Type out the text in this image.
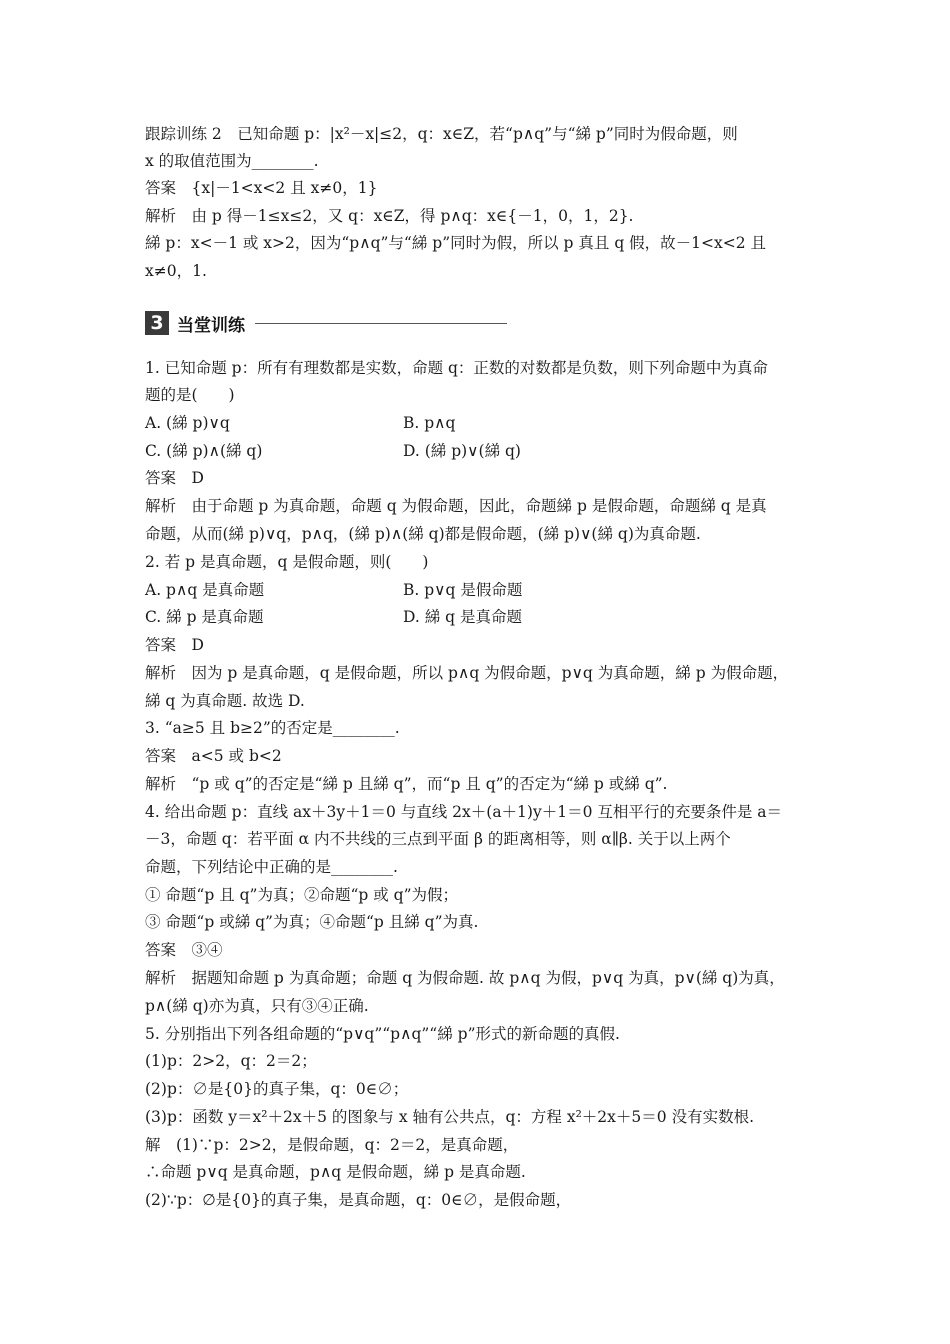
3 当堂训练

跟踪训练 2　已知命题 p：|x²－x|≤2，q：x∈Z，若“p∧q”与“綈 p”同时为假命题，则

x 的取值范围为________.

答案　{x|－1<x<2 且 x≠0，1}

解析　由 p 得－1≤x≤2，又 q：x∈Z，得 p∧q：x∈{－1，0，1，2}.

綈 p：x<－1 或 x>2，因为“p∧q”与“綈 p”同时为假，所以 p 真且 q 假，故－1<x<2 且

x≠0，1.

1. 已知命题 p：所有有理数都是实数，命题 q：正数的对数都是负数，则下列命题中为真命

题的是(　　)

A. (綈 p)∨q	B. p∧q

C. (綈 p)∧(綈 q)	D. (綈 p)∨(綈 q)

答案　D

解析　由于命题 p 为真命题，命题 q 为假命题，因此，命题綈 p 是假命题，命题綈 q 是真

命题，从而(綈 p)∨q，p∧q，(綈 p)∧(綈 q)都是假命题，(綈 p)∨(綈 q)为真命题.

2. 若 p 是真命题，q 是假命题，则(　　)

A. p∧q 是真命题	B. p∨q 是假命题

C. 綈 p 是真命题	D. 綈 q 是真命题

答案　D

解析　因为 p 是真命题，q 是假命题，所以 p∧q 为假命题，p∨q 为真命题，綈 p 为假命题，

綈 q 为真命题. 故选 D.

3. “a≥5 且 b≥2”的否定是________.

答案　a<5 或 b<2

解析　“p 或 q”的否定是“綈 p 且綈 q”，而“p 且 q”的否定为“綈 p 或綈 q”.

4. 给出命题 p：直线 ax＋3y＋1＝0 与直线 2x＋(a＋1)y＋1＝0 互相平行的充要条件是 a＝

－3，命题 q：若平面 α 内不共线的三点到平面 β 的距离相等，则 α∥β. 关于以上两个

命题，下列结论中正确的是________.

① 命题“p 且 q”为真；②命题“p 或 q”为假；

③ 命题“p 或綈 q”为真；④命题“p 且綈 q”为真.

答案　③④

解析　据题知命题 p 为真命题；命题 q 为假命题. 故 p∧q 为假，p∨q 为真，p∨(綈 q)为真，

p∧(綈 q)亦为真，只有③④正确.

5. 分别指出下列各组命题的“p∨q”“p∧q”“綈 p”形式的新命题的真假.

(1)p：2>2，q：2＝2；

(2)p：∅是{0}的真子集，q：0∈∅；

(3)p：函数 y＝x²＋2x＋5 的图象与 x 轴有公共点，q：方程 x²＋2x＋5＝0 没有实数根.

解　(1)∵p：2>2，是假命题，q：2＝2，是真命题，

∴命题 p∨q 是真命题，p∧q 是假命题，綈 p 是真命题.

(2)∵p：∅是{0}的真子集，是真命题，q：0∈∅，是假命题，
